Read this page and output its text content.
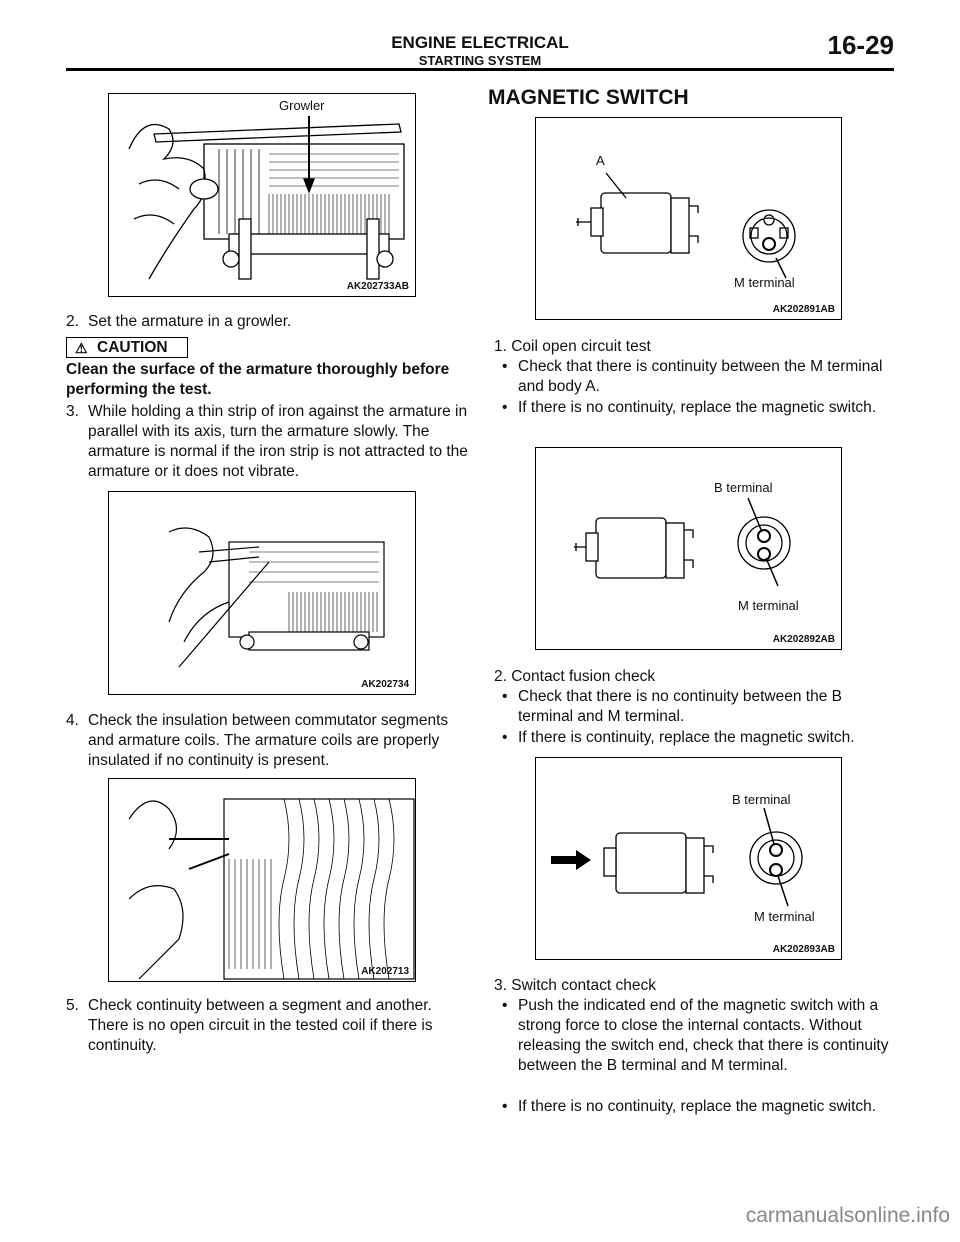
ENGINE ELECTRICAL
STARTING SYSTEM
16-29
Growler
AK202733AB
2. Set the armature in a growler.
⚠ CAUTION
Clean the surface of the armature thoroughly before performing the test.
3. While holding a thin strip of iron against the armature in parallel with its axis, turn the armature slowly. The armature is normal if the iron strip is not attracted to the armature or it does not vibrate.
AK202734
4. Check the insulation between commutator segments and armature coils. The armature coils are properly insulated if no continuity is present.
AK202713
5. Check continuity between a segment and another. There is no open circuit in the tested coil if there is continuity.
MAGNETIC SWITCH
A
M terminal
AK202891AB
1. Coil open circuit test
• Check that there is continuity between the M terminal and body A.
• If there is no continuity, replace the magnetic switch.
B terminal
M terminal
AK202892AB
2. Contact fusion check
• Check that there is no continuity between the B terminal and M terminal.
• If there is continuity, replace the magnetic switch.
B terminal
M terminal
AK202893AB
3. Switch contact check
• Push the indicated end of the magnetic switch with a strong force to close the internal contacts. Without releasing the switch end, check that there is continuity between the B terminal and M terminal.
• If there is no continuity, replace the magnetic switch.
carmanualsonline.info
